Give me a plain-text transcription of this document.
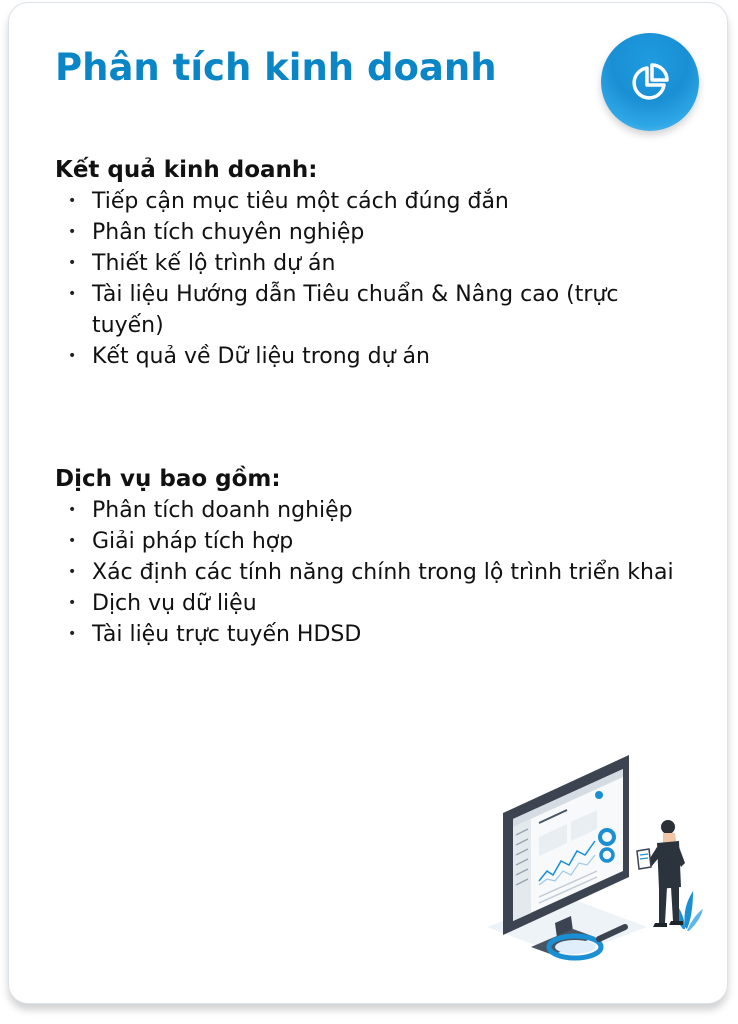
Phân tích kinh doanh
Kết quả kinh doanh:
• Tiếp cận mục tiêu một cách đúng đắn
• Phân tích chuyên nghiệp
• Thiết kế lộ trình dự án
• Tài liệu Hướng dẫn Tiêu chuẩn & Nâng cao (trực tuyến)
• Kết quả về Dữ liệu trong dự án
Dịch vụ bao gồm:
• Phân tích doanh nghiệp
• Giải pháp tích hợp
• Xác định các tính năng chính trong lộ trình triển khai
• Dịch vụ dữ liệu
• Tài liệu trực tuyến HDSD
